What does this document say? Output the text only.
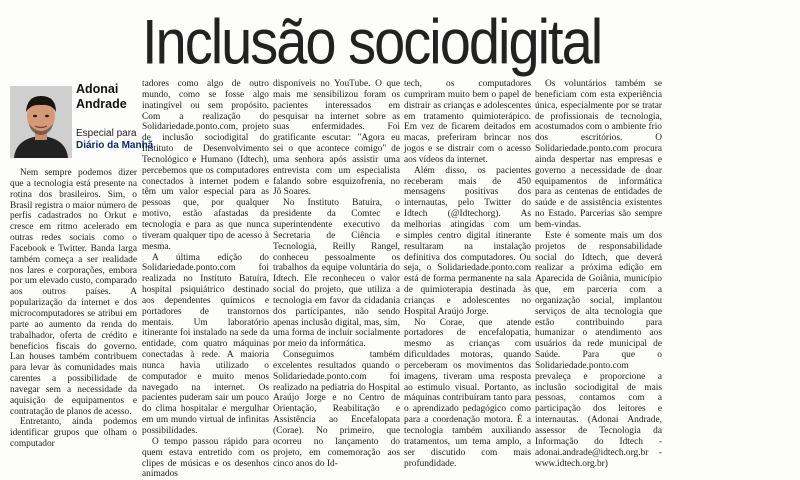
Inclusão sociodigital
Adonai Andrade
Especial para
Diário da Manhã

Nem sempre podemos dizer que a tecnologia está presente na rotina dos brasileiros. Sim, o Brasil registra o maior número de perfis cadastrados no Orkut e cresce em ritmo acelerado em outras redes sociais como o Facebook e Twitter. Banda larga também começa a ser realidade nos lares e corporações, embora por um elevado custo, comparado aos outros países. A popularização da internet e dos microcomputadores se atribui em parte ao aumento da renda do trabalhador, oferta de crédito e benefícios fiscais do governo. Lan houses também contribuem para levar às comunidades mais carentes a possibilidade de navegar sem a necessidade da aquisição de equipamentos e contratação de planos de acesso.

Entretanto, ainda podemos identificar grupos que olham o computador

tadores como algo de outro mundo, como se fosse algo inatingível ou sem propósito. Com a realização do Solidariedade.ponto.com, projeto de inclusão sociodigital do Instituto de Desenvolvimento Tecnológico e Humano (Idtech), percebemos que os computadores conectados à internet podem e têm um valor especial para as pessoas que, por qualquer motivo, estão afastadas da tecnologia e para as que nunca tiveram qualquer tipo de acesso à mesma.

A última edição do Solidariedade.ponto.com foi realizada no Instituto Batuíra, hospital psiquiátrico destinado aos dependentes químicos e portadores de transtornos mentais. Um laboratório itinerante foi instalado na sede da entidade, com quatro máquinas conectadas à rede. A maioria nunca havia utilizado o computador e muito menos navegado na internet. Os pacientes puderam sair um pouco do clima hospitalar e mergulhar em um mundo virtual de infinitas possibilidades.

O tempo passou rápido para quem estava entretido com os clipes de músicas e os desenhos animados

disponíveis no YouTube. O que mais me sensibilizou foram os pacientes interessados em pesquisar na internet sobre as suas enfermidades. Foi gratificante escutar: "Agora eu sei o que acontece comigo" de uma senhora após assistir uma entrevista com um especialista falando sobre esquizofrenia, no Jô Soares.

No Instituto Batuíra, o presidente da Comtec e superintendente executivo da Secretaria de Ciência e Tecnologia, Reilly Rangel, conheceu pessoalmente os trabalhos da equipe voluntária do Idtech. Ele reconheceu o valor social do projeto, que utiliza a tecnologia em favor da cidadania dos participantes, não sendo apenas inclusão digital, mas, sim, uma forma de incluir socialmente por meio da informática.

Conseguimos também excelentes resultados quando o Solidariedade.ponto.com foi realizado na pediatria do Hospital Araújo Jorge e no Centro de Orientação, Reabilitação e Assistência ao Encefalopata (Corae). No primeiro, que ocorreu no lançamento do projeto, em comemoração aos cinco anos do Id-

tech, os computadores cumpriram muito bem o papel de distrair as crianças e adolescentes em tratamento quimioterápico. Em vez de ficarem deitados em macas, preferiram brincar nos jogos e se distrair com o acesso aos vídeos da internet.

Além disso, os pacientes receberam mais de 450 mensagens positivas dos internautas, pelo Twitter do Idtech (@Idtechorg). As melhorias atingidas com um simples centro digital itinerante resultaram na instalação definitiva dos computadores. Ou seja, o Solidariedade.ponto.com está de forma permanente na sala de quimioterapia destinada às crianças e adolescentes no Hospital Araújo Jorge.

No Corae, que atende portadores de encefalopatia, mesmo as crianças com dificuldades motoras, quando perceberam os movimentos das imagens, tiveram uma resposta ao estímulo visual. Portanto, as máquinas contribuíram tanto para o aprendizado pedagógico como para a coordenação motora. É a tecnologia também auxiliando tratamentos, um tema amplo, a ser discutido com mais profundidade.

Os voluntários também se beneficiam com esta experiência única, especialmente por se tratar de profissionais de tecnologia, acostumados com o ambiente frio dos escritórios. O Solidariedade.ponto.com procura ainda despertar nas empresas e governo a necessidade de doar equipamentos de informática para as centenas de entidades de saúde e de assistência existentes no Estado. Parcerias são sempre bem-vindas.

Este é somente mais um dos projetos de responsabilidade social do Idtech, que deverá realizar a próxima edição em Aparecida de Goiânia, município que, em parceria com a organização social, implantou serviços de alta tecnologia que estão contribuindo para humanizar o atendimento aos usuários da rede municipal de Saúde. Para que o Solidariedade.ponto.com prevaleça e proporcione a inclusão sociodigital de mais pessoas, contamos com a participação dos leitores e internautas. (Adonai Andrade, assessor de Tecnologia da Informação do Idtech - adonai.andrade@idtech.org.br - www.idtech.org.br)
